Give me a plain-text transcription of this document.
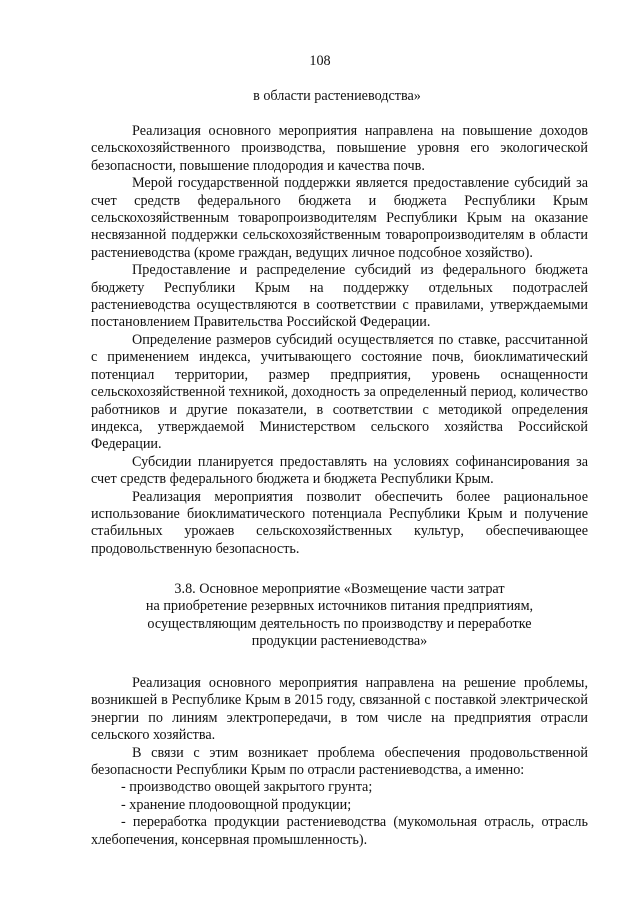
108
в области растениеводства»

Реализация основного мероприятия направлена на повышение доходов сельскохозяйственного производства, повышение уровня его экологической безопасности, повышение плодородия и качества почв.

Мерой государственной поддержки является предоставление субсидий за счет средств федерального бюджета и бюджета Республики Крым сельскохозяйственным товаропроизводителям Республики Крым на оказание несвязанной поддержки сельскохозяйственным товаропроизводителям в области растениеводства (кроме граждан, ведущих личное подсобное хозяйство).

Предоставление и распределение субсидий из федерального бюджета бюджету Республики Крым на поддержку отдельных подотраслей растениеводства осуществляются в соответствии с правилами, утверждаемыми постановлением Правительства Российской Федерации.

Определение размеров субсидий осуществляется по ставке, рассчитанной с применением индекса, учитывающего состояние почв, биоклиматический потенциал территории, размер предприятия, уровень оснащенности сельскохозяйственной техникой, доходность за определенный период, количество работников и другие показатели, в соответствии с методикой определения индекса, утверждаемой Министерством сельского хозяйства Российской Федерации.

Субсидии планируется предоставлять на условиях софинансирования за счет средств федерального бюджета и бюджета Республики Крым.

Реализация мероприятия позволит обеспечить более рациональное использование биоклиматического потенциала Республики Крым и получение стабильных урожаев сельскохозяйственных культур, обеспечивающее продовольственную безопасность.

3.8. Основное мероприятие «Возмещение части затрат
на приобретение резервных источников питания предприятиям,
осуществляющим деятельность по производству и переработке
продукции растениеводства»

Реализация основного мероприятия направлена на решение проблемы, возникшей в Республике Крым в 2015 году, связанной с поставкой электрической энергии по линиям электропередачи, в том числе на предприятия отрасли сельского хозяйства.

В связи с этим возникает проблема обеспечения продовольственной безопасности Республики Крым по отрасли растениеводства, а именно:

- производство овощей закрытого грунта;

- хранение плодоовощной продукции;

- переработка продукции растениеводства (мукомольная отрасль, отрасль хлебопечения, консервная промышленность).
